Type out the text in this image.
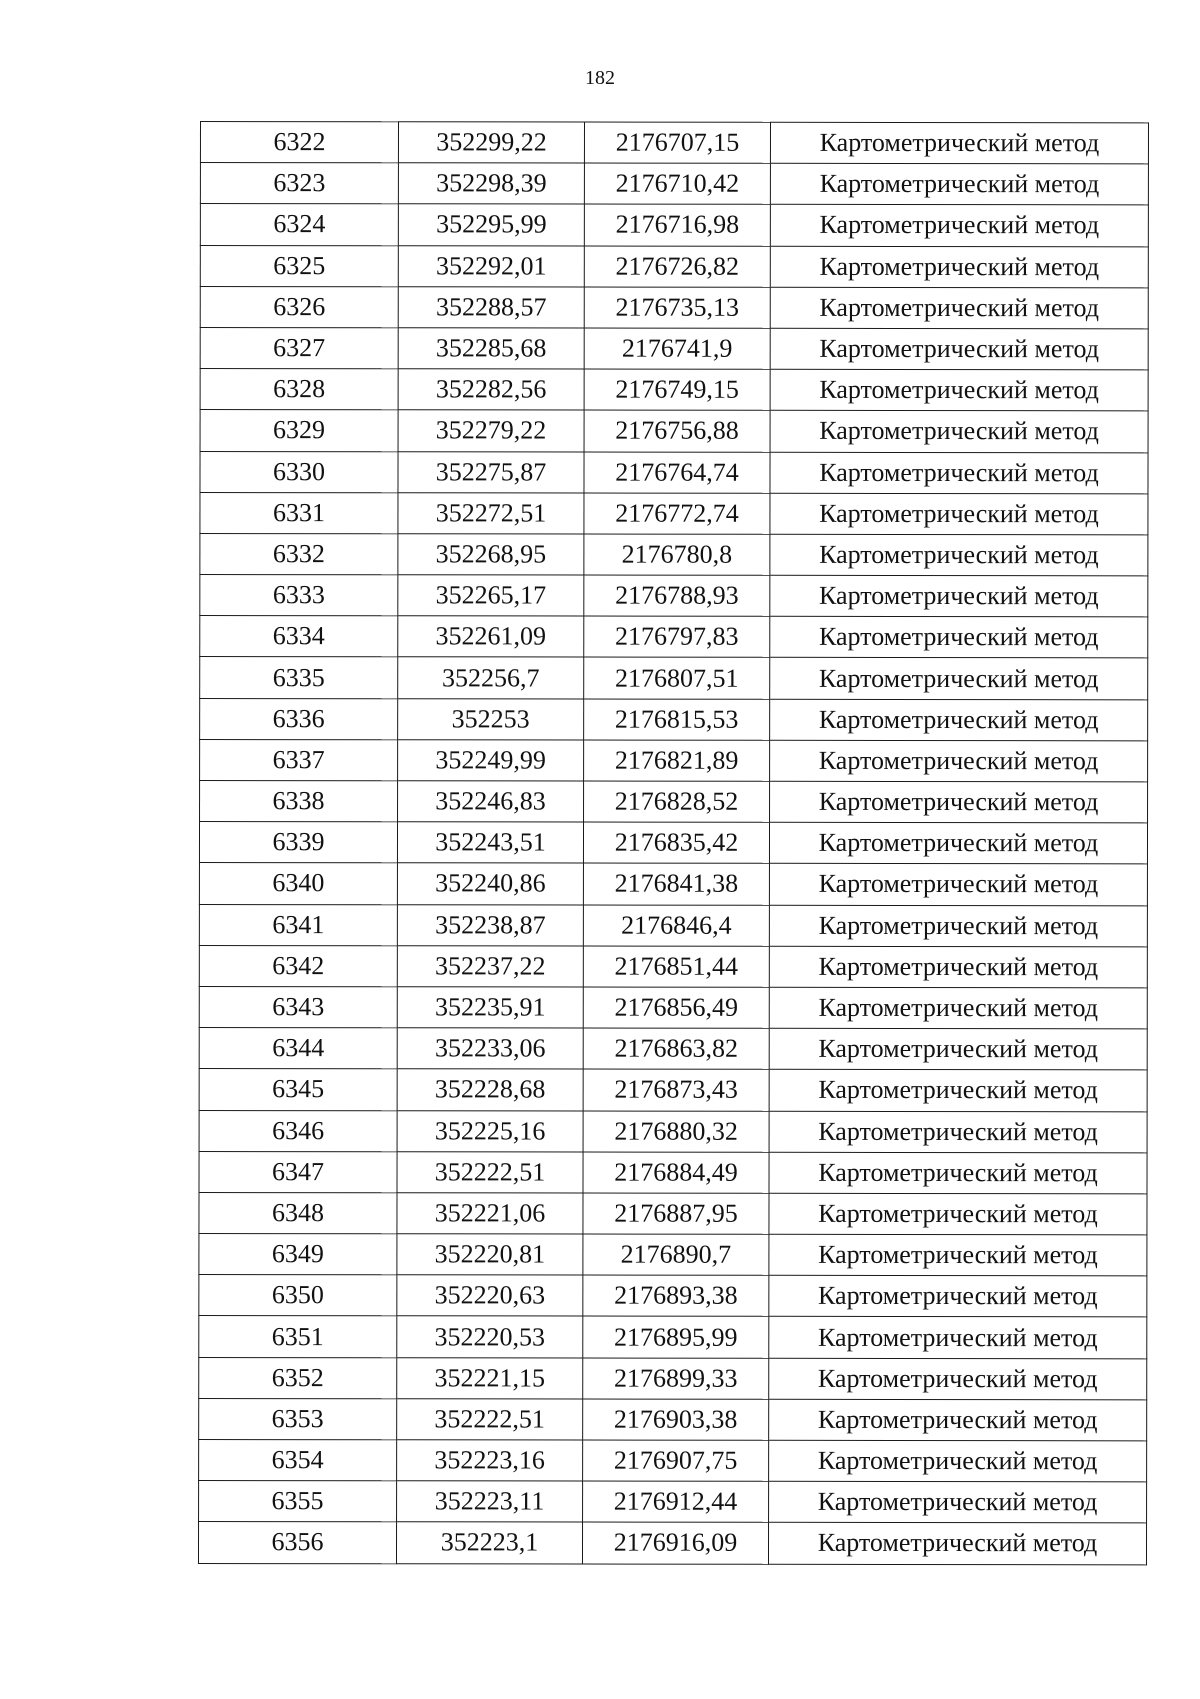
182
6322	352299,22	2176707,15	Картометрический метод
6323	352298,39	2176710,42	Картометрический метод
6324	352295,99	2176716,98	Картометрический метод
6325	352292,01	2176726,82	Картометрический метод
6326	352288,57	2176735,13	Картометрический метод
6327	352285,68	2176741,9	Картометрический метод
6328	352282,56	2176749,15	Картометрический метод
6329	352279,22	2176756,88	Картометрический метод
6330	352275,87	2176764,74	Картометрический метод
6331	352272,51	2176772,74	Картометрический метод
6332	352268,95	2176780,8	Картометрический метод
6333	352265,17	2176788,93	Картометрический метод
6334	352261,09	2176797,83	Картометрический метод
6335	352256,7	2176807,51	Картометрический метод
6336	352253	2176815,53	Картометрический метод
6337	352249,99	2176821,89	Картометрический метод
6338	352246,83	2176828,52	Картометрический метод
6339	352243,51	2176835,42	Картометрический метод
6340	352240,86	2176841,38	Картометрический метод
6341	352238,87	2176846,4	Картометрический метод
6342	352237,22	2176851,44	Картометрический метод
6343	352235,91	2176856,49	Картометрический метод
6344	352233,06	2176863,82	Картометрический метод
6345	352228,68	2176873,43	Картометрический метод
6346	352225,16	2176880,32	Картометрический метод
6347	352222,51	2176884,49	Картометрический метод
6348	352221,06	2176887,95	Картометрический метод
6349	352220,81	2176890,7	Картометрический метод
6350	352220,63	2176893,38	Картометрический метод
6351	352220,53	2176895,99	Картометрический метод
6352	352221,15	2176899,33	Картометрический метод
6353	352222,51	2176903,38	Картометрический метод
6354	352223,16	2176907,75	Картометрический метод
6355	352223,11	2176912,44	Картометрический метод
6356	352223,1	2176916,09	Картометрический метод
